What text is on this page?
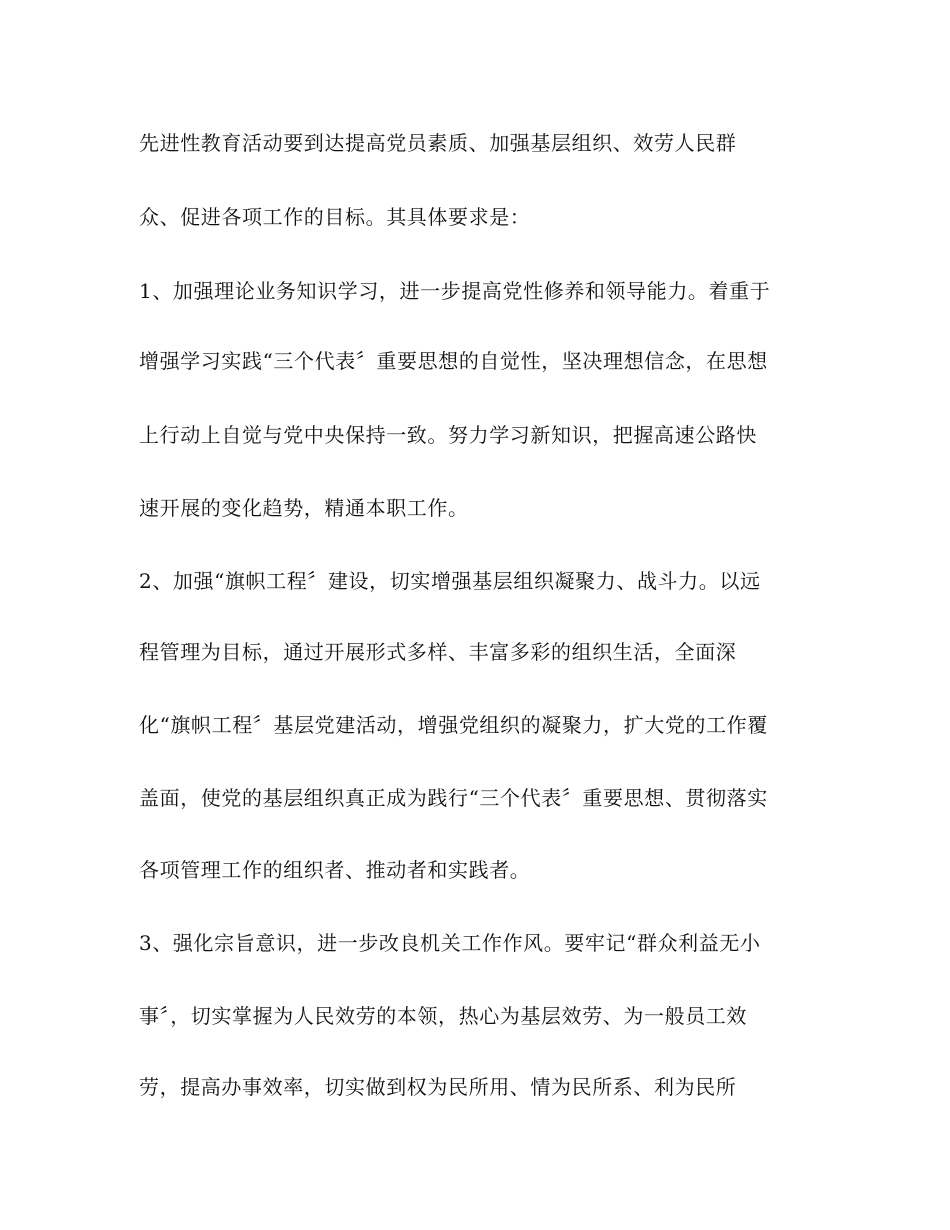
先进性教育活动要到达提高党员素质、加强基层组织、效劳人民群
众、促进各项工作的目标。其具体要求是：
1、加强理论业务知识学习，进一步提高党性修养和领导能力。着重于
增强学习实践“三个代表〞重要思想的自觉性，坚决理想信念，在思想
上行动上自觉与党中央保持一致。努力学习新知识，把握高速公路快
速开展的变化趋势，精通本职工作。
2、加强“旗帜工程〞建设，切实增强基层组织凝聚力、战斗力。以远
程管理为目标，通过开展形式多样、丰富多彩的组织生活，全面深
化“旗帜工程〞基层党建活动，增强党组织的凝聚力，扩大党的工作覆
盖面，使党的基层组织真正成为践行“三个代表〞重要思想、贯彻落实
各项管理工作的组织者、推动者和实践者。
3、强化宗旨意识，进一步改良机关工作作风。要牢记“群众利益无小
事〞，切实掌握为人民效劳的本领，热心为基层效劳、为一般员工效
劳，提高办事效率，切实做到权为民所用、情为民所系、利为民所
